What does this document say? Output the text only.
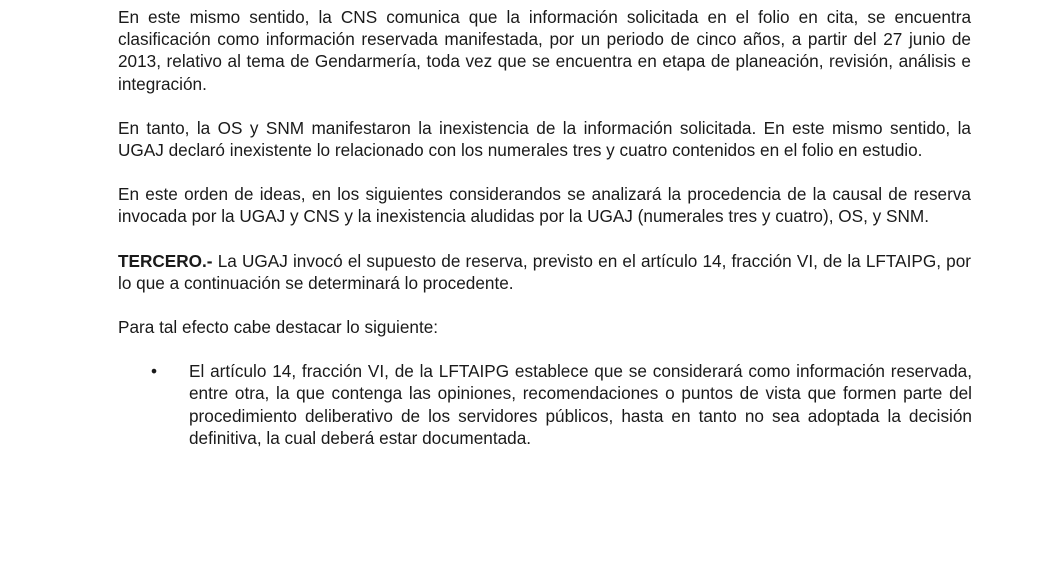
En este mismo sentido, la CNS comunica que la información solicitada en el folio en cita, se encuentra clasificación como información reservada manifestada, por un periodo de cinco años, a partir del 27 junio de 2013, relativo al tema de Gendarmería, toda vez que se encuentra en etapa de planeación, revisión, análisis e integración.

En tanto, la OS y SNM manifestaron la inexistencia de la información solicitada. En este mismo sentido, la UGAJ declaró inexistente lo relacionado con los numerales tres y cuatro contenidos en el folio en estudio.

En este orden de ideas, en los siguientes considerandos se analizará la procedencia de la causal de reserva invocada por la UGAJ y CNS y la inexistencia aludidas por la UGAJ (numerales tres y cuatro), OS, y SNM.

TERCERO.- La UGAJ invocó el supuesto de reserva, previsto en el artículo 14, fracción VI, de la LFTAIPG, por lo que a continuación se determinará lo procedente.

Para tal efecto cabe destacar lo siguiente:

• El artículo 14, fracción VI, de la LFTAIPG establece que se considerará como información reservada, entre otra, la que contenga las opiniones, recomendaciones o puntos de vista que formen parte del procedimiento deliberativo de los servidores públicos, hasta en tanto no sea adoptada la decisión definitiva, la cual deberá estar documentada.
